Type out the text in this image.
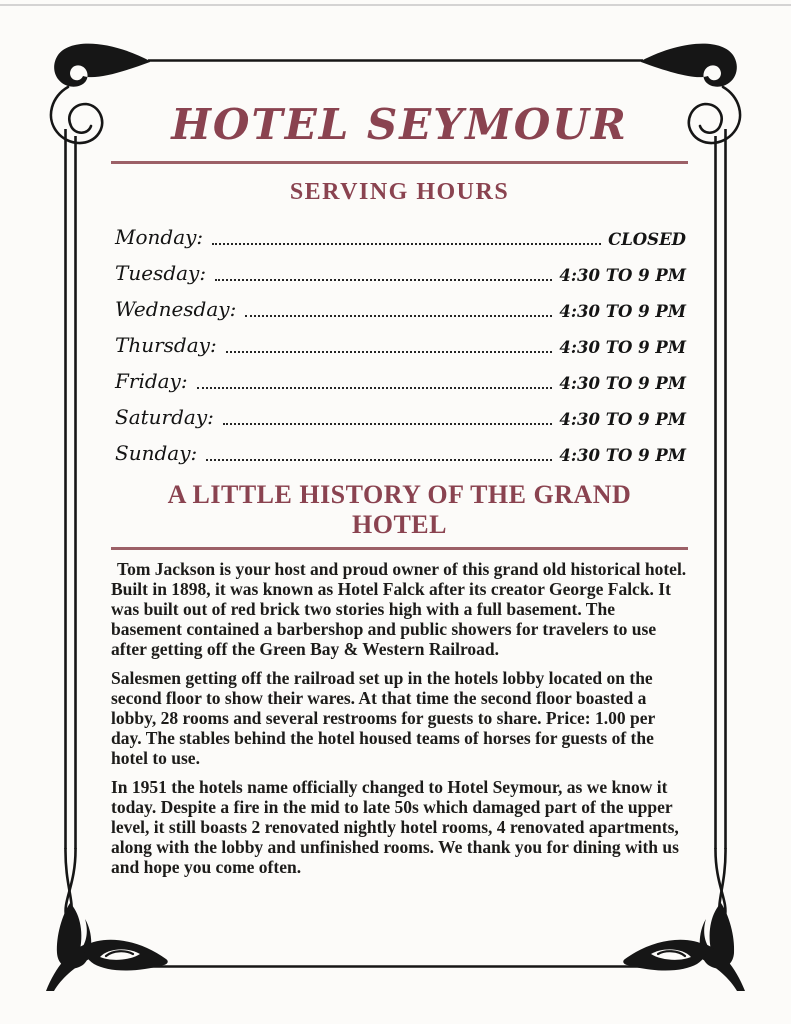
HOTEL SEYMOUR
SERVING HOURS
Monday:	CLOSED
Tuesday:	4:30 TO 9 PM
Wednesday:	4:30 TO 9 PM
Thursday:	4:30 TO 9 PM
Friday:	4:30 TO 9 PM
Saturday:	4:30 TO 9 PM
Sunday:	4:30 TO 9 PM
A LITTLE HISTORY OF THE GRAND HOTEL

Tom Jackson is your host and proud owner of this grand old historical hotel. Built in 1898, it was known as Hotel Falck after its creator George Falck. It was built out of red brick two stories high with a full basement. The basement contained a barbershop and public showers for travelers to use after getting off the Green Bay & Western Railroad.

Salesmen getting off the railroad set up in the hotels lobby located on the second floor to show their wares. At that time the second floor boasted a lobby, 28 rooms and several restrooms for guests to share. Price: 1.00 per day. The stables behind the hotel housed teams of horses for guests of the hotel to use.

In 1951 the hotels name officially changed to Hotel Seymour, as we know it today. Despite a fire in the mid to late 50s which damaged part of the upper level, it still boasts 2 renovated nightly hotel rooms, 4 renovated apartments, along with the lobby and unfinished rooms. We thank you for dining with us and hope you come often.
